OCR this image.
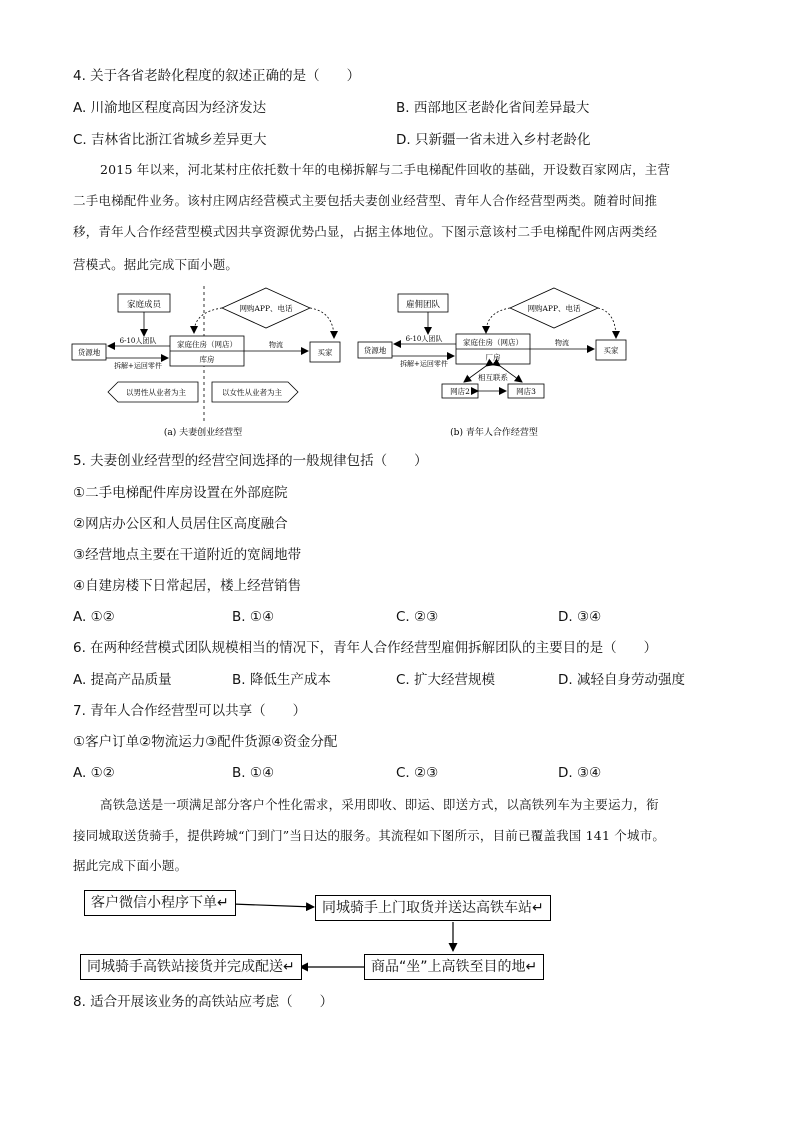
4. 关于各省老龄化程度的叙述正确的是（　　）
A. 川渝地区程度高因为经济发达	B. 西部地区老龄化省间差异最大
C. 吉林省比浙江省城乡差异更大	D. 只新疆一省未进入乡村老龄化
2015 年以来，河北某村庄依托数十年的电梯拆解与二手电梯配件回收的基础，开设数百家网店，主营
二手电梯配件业务。该村庄网店经营模式主要包括夫妻创业经营型、青年人合作经营型两类。随着时间推
移，青年人合作经营型模式因共享资源优势凸显，占据主体地位。下图示意该村二手电梯配件网店两类经
营模式。据此完成下面小题。
家庭成员	网购APP、电话
家庭住房（网店）
库房
货源地
6-10人团队
拆解+运回零件
买家
物流
以男性从业者为主	以女性从业者为主
(a) 夫妻创业经营型
雇佣团队	网购APP、电话
家庭住房（网店）
厂房
货源地
6-10人团队
拆解+运回零件
买家
物流
相互联系
网店2	网店3
(b) 青年人合作经营型
5. 夫妻创业经营型的经营空间选择的一般规律包括（　　）
①二手电梯配件库房设置在外部庭院
②网店办公区和人员居住区高度融合
③经营地点主要在干道附近的宽阔地带
④自建房楼下日常起居，楼上经营销售
A. ①②	B. ①④	C. ②③	D. ③④
6. 在两种经营模式团队规模相当的情况下，青年人合作经营型雇佣拆解团队的主要目的是（　　）
A. 提高产品质量	B. 降低生产成本	C. 扩大经营规模	D. 减轻自身劳动强度
7. 青年人合作经营型可以共享（　　）
①客户订单②物流运力③配件货源④资金分配
A. ①②	B. ①④	C. ②③	D. ③④
高铁急送是一项满足部分客户个性化需求，采用即收、即运、即送方式，以高铁列车为主要运力，衔
接同城取送货骑手，提供跨城“门到门”当日达的服务。其流程如下图所示，目前已覆盖我国 141 个城市。
据此完成下面小题。
客户微信小程序下单↵	同城骑手上门取货并送达高铁车站↵
商品“坐”上高铁至目的地↵
同城骑手高铁站接货并完成配送↵
8. 适合开展该业务的高铁站应考虑（　　）
